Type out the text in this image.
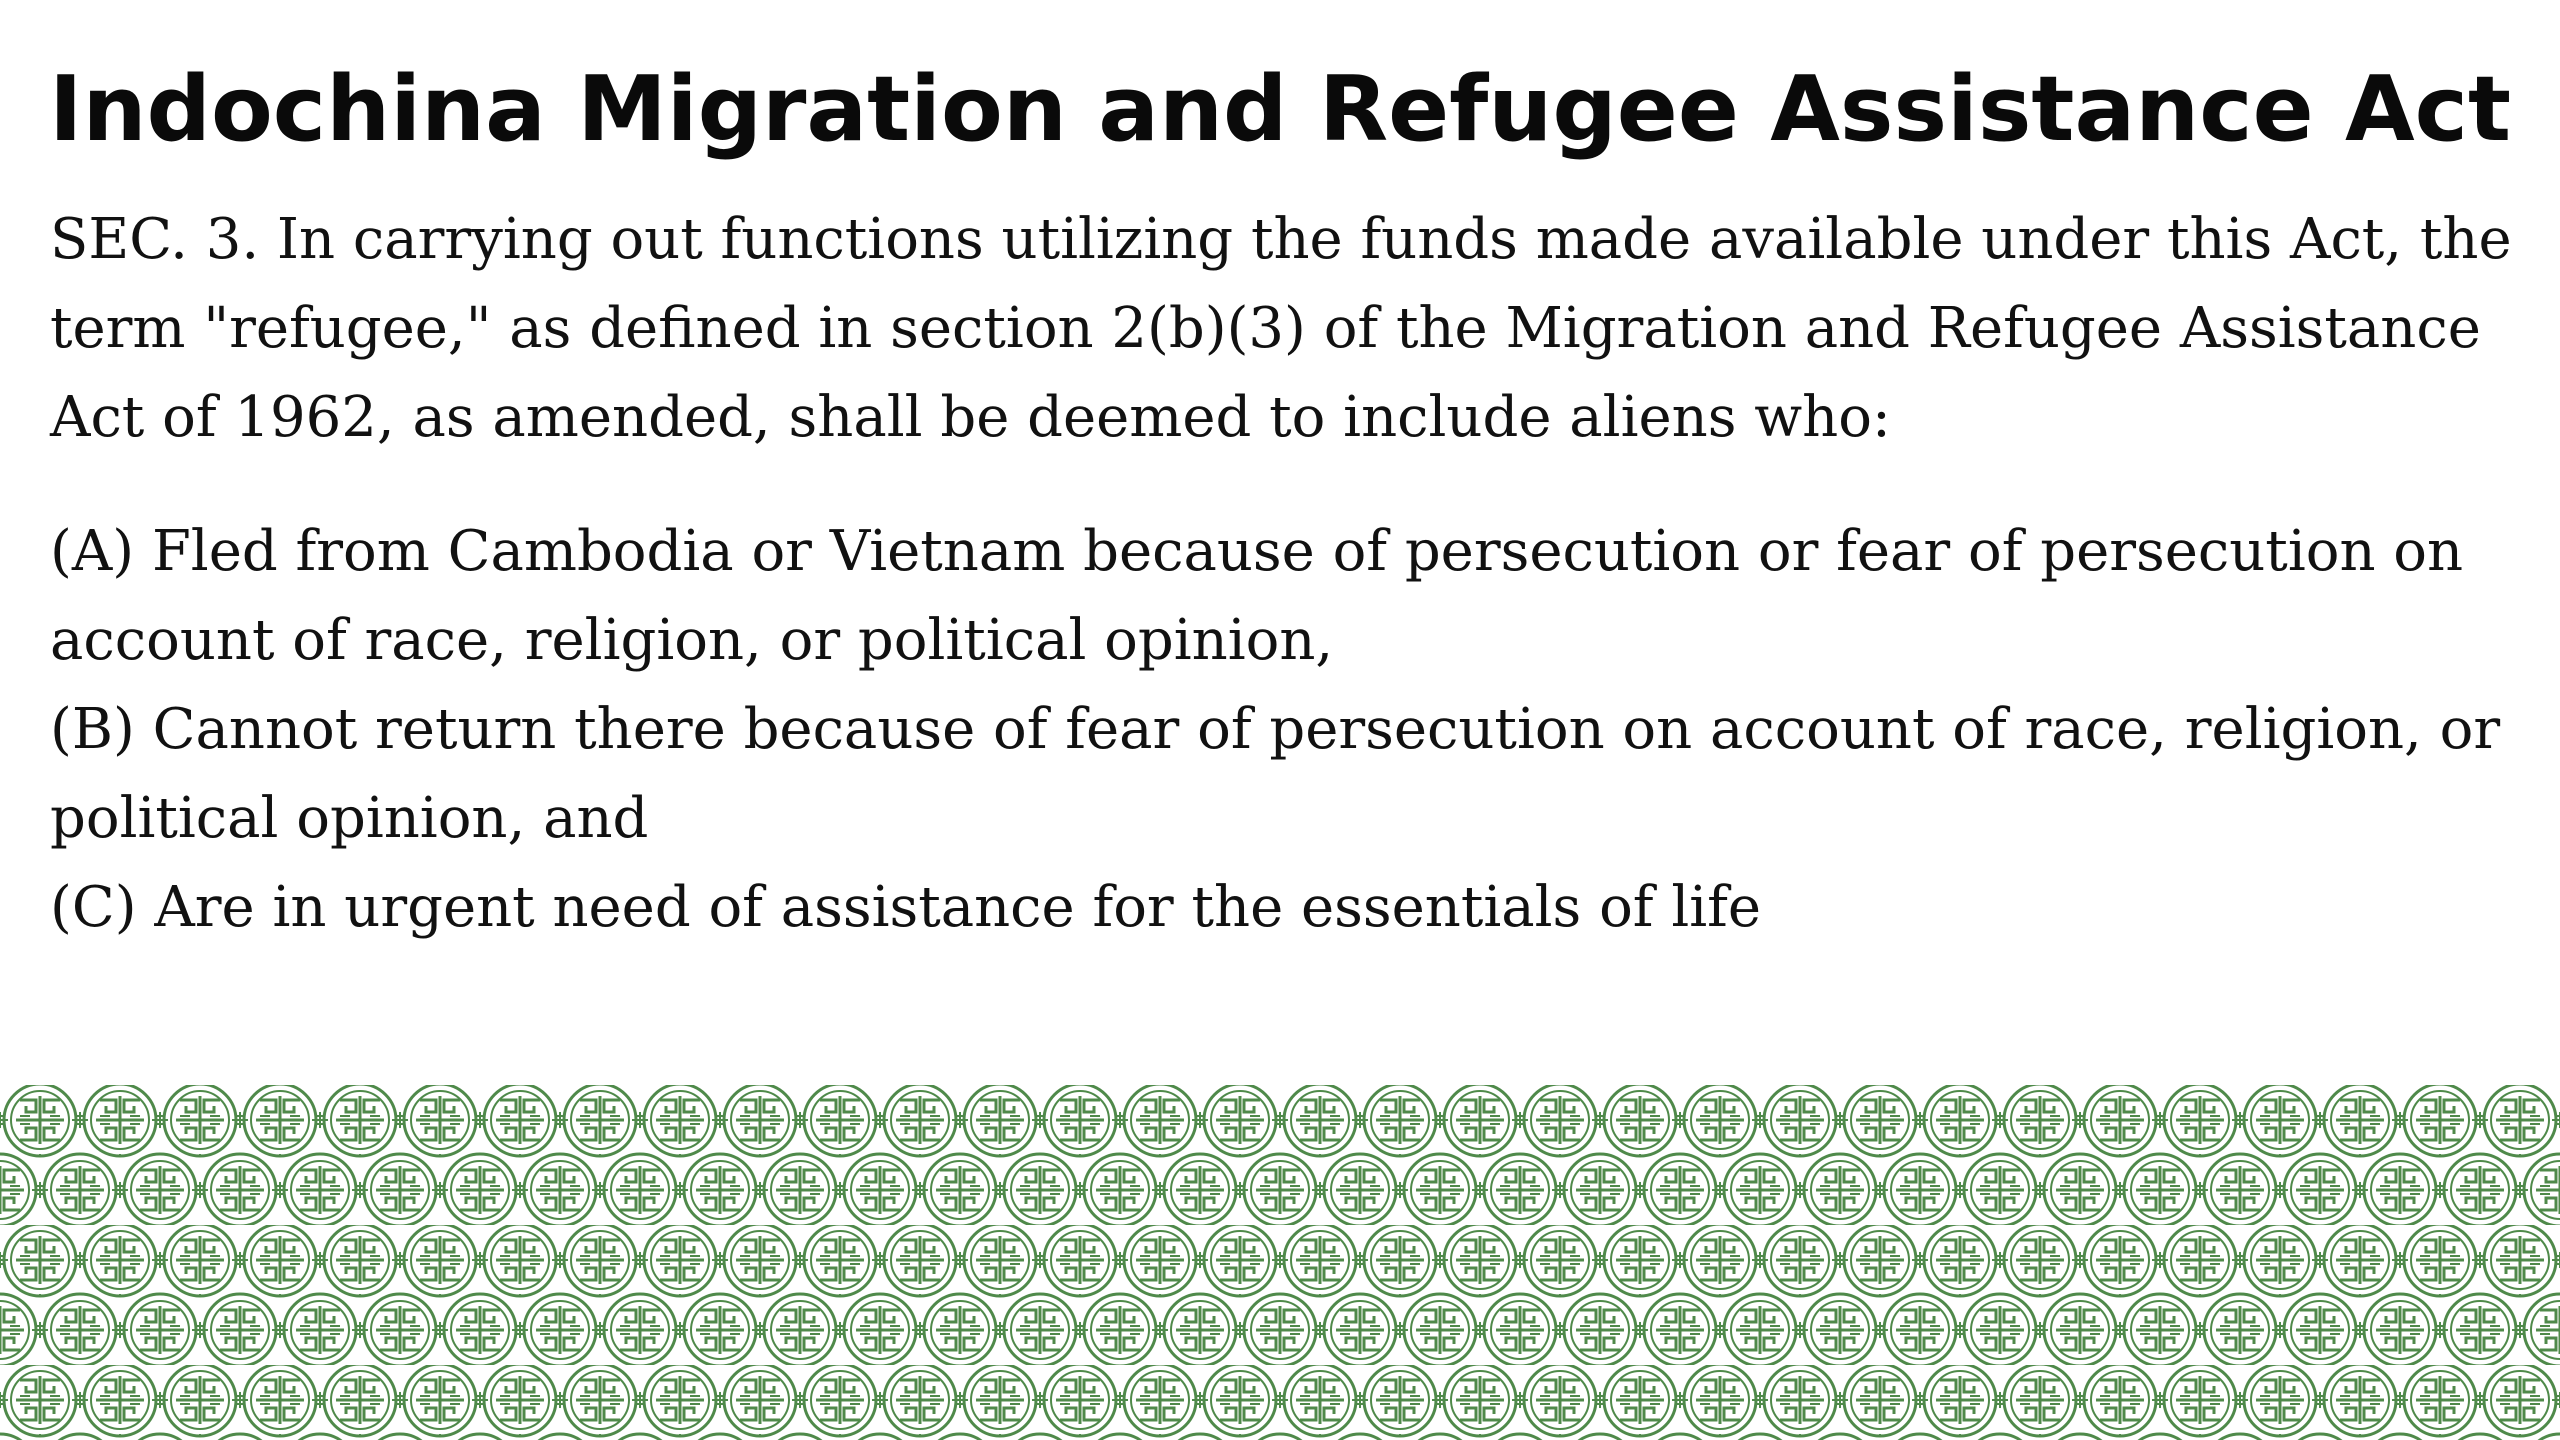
Indochina Migration and Refugee Assistance Act

SEC. 3. In carrying out functions utilizing the funds made available under this Act, the term "refugee," as defined in section 2(b)(3) of the Migration and Refugee Assistance Act of 1962, as amended, shall be deemed to include aliens who:

(A) Fled from Cambodia or Vietnam because of persecution or fear of persecution on account of race, religion, or political opinion,

(B) Cannot return there because of fear of persecution on account of race, religion, or political opinion, and

(C) Are in urgent need of assistance for the essentials of life
